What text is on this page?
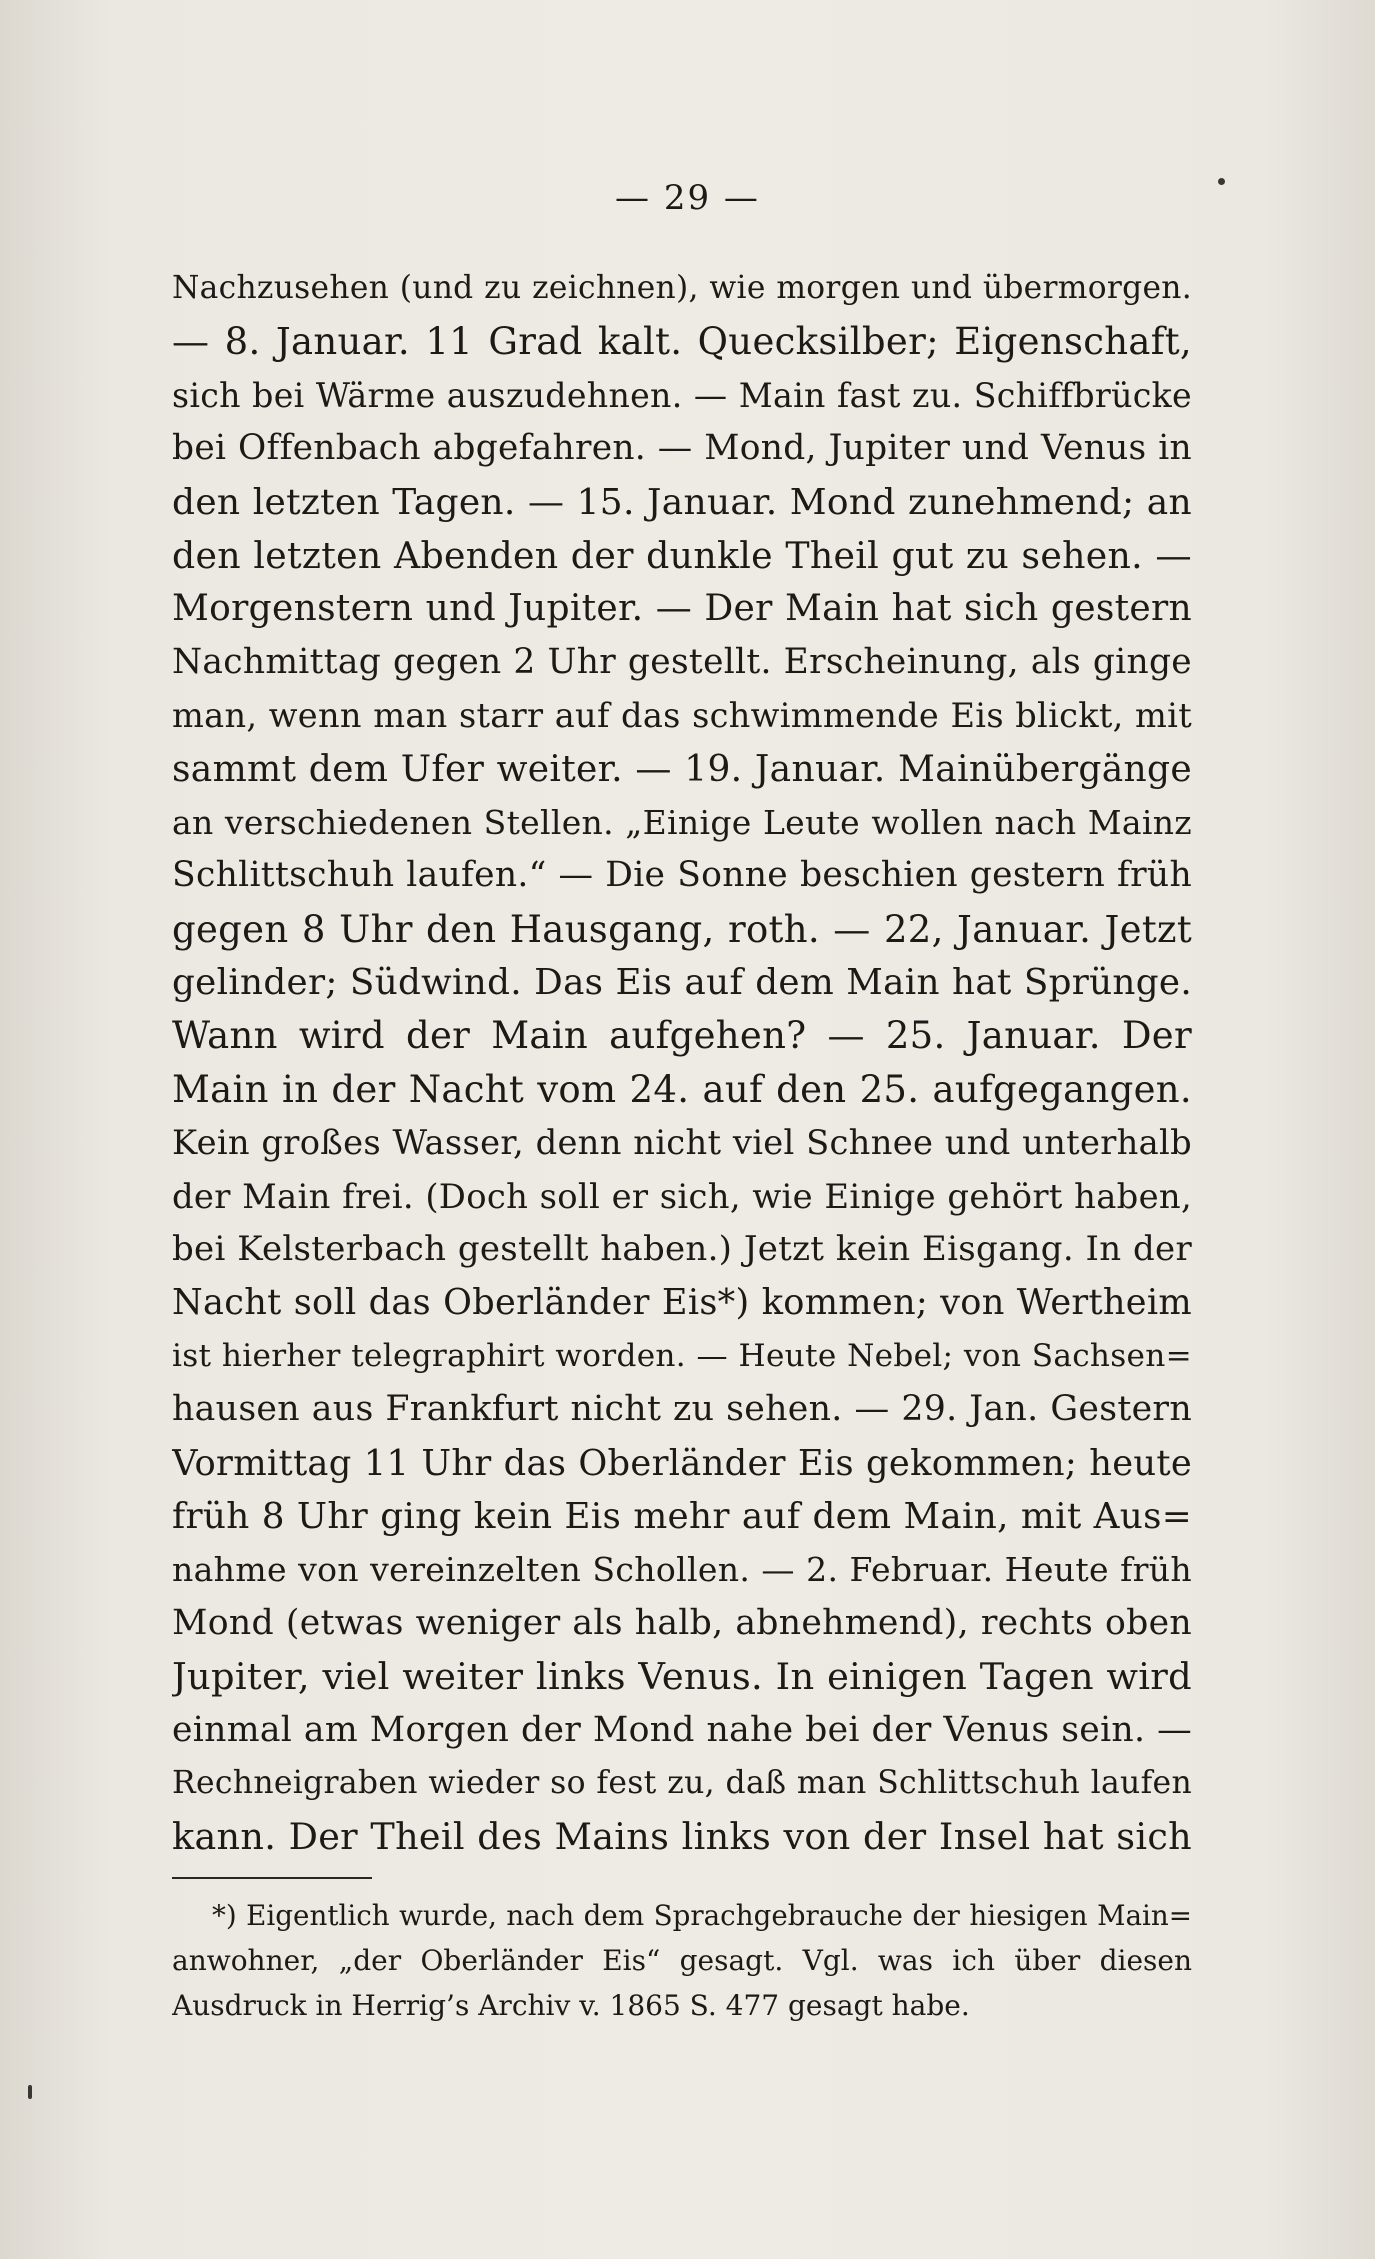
— 29 —
Nachzusehen (und zu zeichnen), wie morgen und übermorgen.
— 8. Januar. 11 Grad kalt. Quecksilber; Eigenschaft,
sich bei Wärme auszudehnen. — Main fast zu. Schiffbrücke
bei Offenbach abgefahren. — Mond, Jupiter und Venus in
den letzten Tagen. — 15. Januar. Mond zunehmend; an
den letzten Abenden der dunkle Theil gut zu sehen. —
Morgenstern und Jupiter. — Der Main hat sich gestern
Nachmittag gegen 2 Uhr gestellt. Erscheinung, als ginge
man, wenn man starr auf das schwimmende Eis blickt, mit
sammt dem Ufer weiter. — 19. Januar. Mainübergänge
an verschiedenen Stellen. „Einige Leute wollen nach Mainz
Schlittschuh laufen.“ — Die Sonne beschien gestern früh
gegen 8 Uhr den Hausgang, roth. — 22, Januar. Jetzt
gelinder; Südwind. Das Eis auf dem Main hat Sprünge.
Wann wird der Main aufgehen? — 25. Januar. Der
Main in der Nacht vom 24. auf den 25. aufgegangen.
Kein großes Wasser, denn nicht viel Schnee und unterhalb
der Main frei. (Doch soll er sich, wie Einige gehört haben,
bei Kelsterbach gestellt haben.) Jetzt kein Eisgang. In der
Nacht soll das Oberländer Eis*) kommen; von Wertheim
ist hierher telegraphirt worden. — Heute Nebel; von Sachsen=
hausen aus Frankfurt nicht zu sehen. — 29. Jan. Gestern
Vormittag 11 Uhr das Oberländer Eis gekommen; heute
früh 8 Uhr ging kein Eis mehr auf dem Main, mit Aus=
nahme von vereinzelten Schollen. — 2. Februar. Heute früh
Mond (etwas weniger als halb, abnehmend), rechts oben
Jupiter, viel weiter links Venus. In einigen Tagen wird
einmal am Morgen der Mond nahe bei der Venus sein. —
Rechneigraben wieder so fest zu, daß man Schlittschuh laufen
kann. Der Theil des Mains links von der Insel hat sich
*) Eigentlich wurde, nach dem Sprachgebrauche der hiesigen Main=
anwohner, „der Oberländer Eis“ gesagt. Vgl. was ich über diesen
Ausdruck in Herrig’s Archiv v. 1865 S. 477 gesagt habe.
